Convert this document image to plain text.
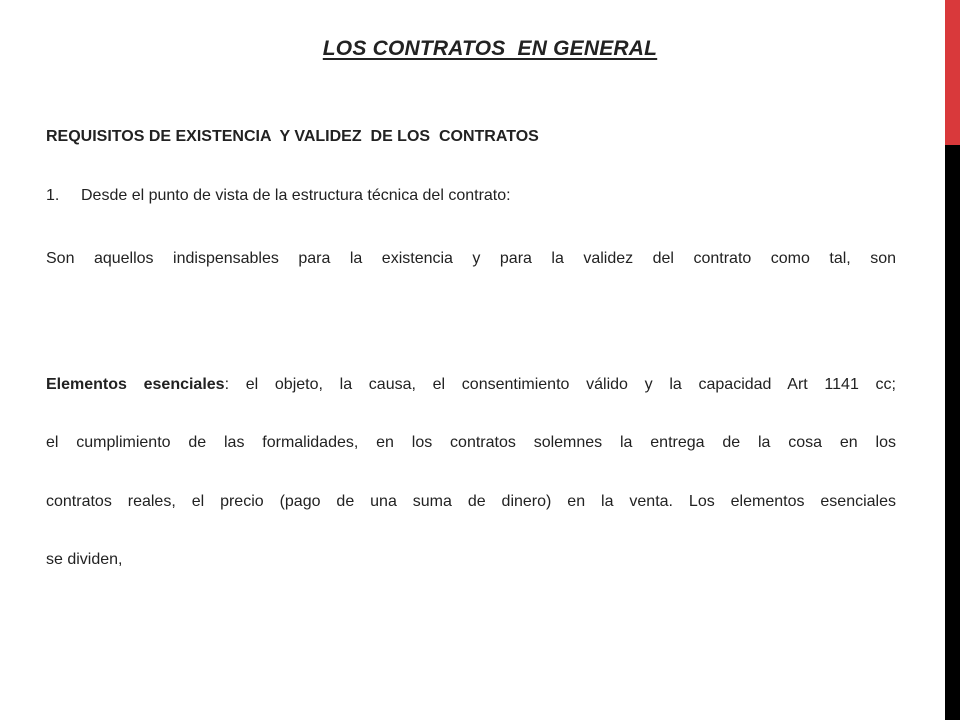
LOS CONTRATOS  EN GENERAL
REQUISITOS DE EXISTENCIA  Y VALIDEZ  DE LOS  CONTRATOS
1. Desde el punto de vista de la estructura técnica del contrato:
Son aquellos indispensables para la existencia y para la validez del contrato como tal, son
Elementos esenciales: el objeto, la causa, el consentimiento válido y la capacidad Art 1141 cc;
el cumplimiento de las formalidades, en los contratos solemnes la entrega de la cosa en los
contratos reales, el precio (pago de una suma de dinero) en la venta. Los elementos esenciales
se dividen,
